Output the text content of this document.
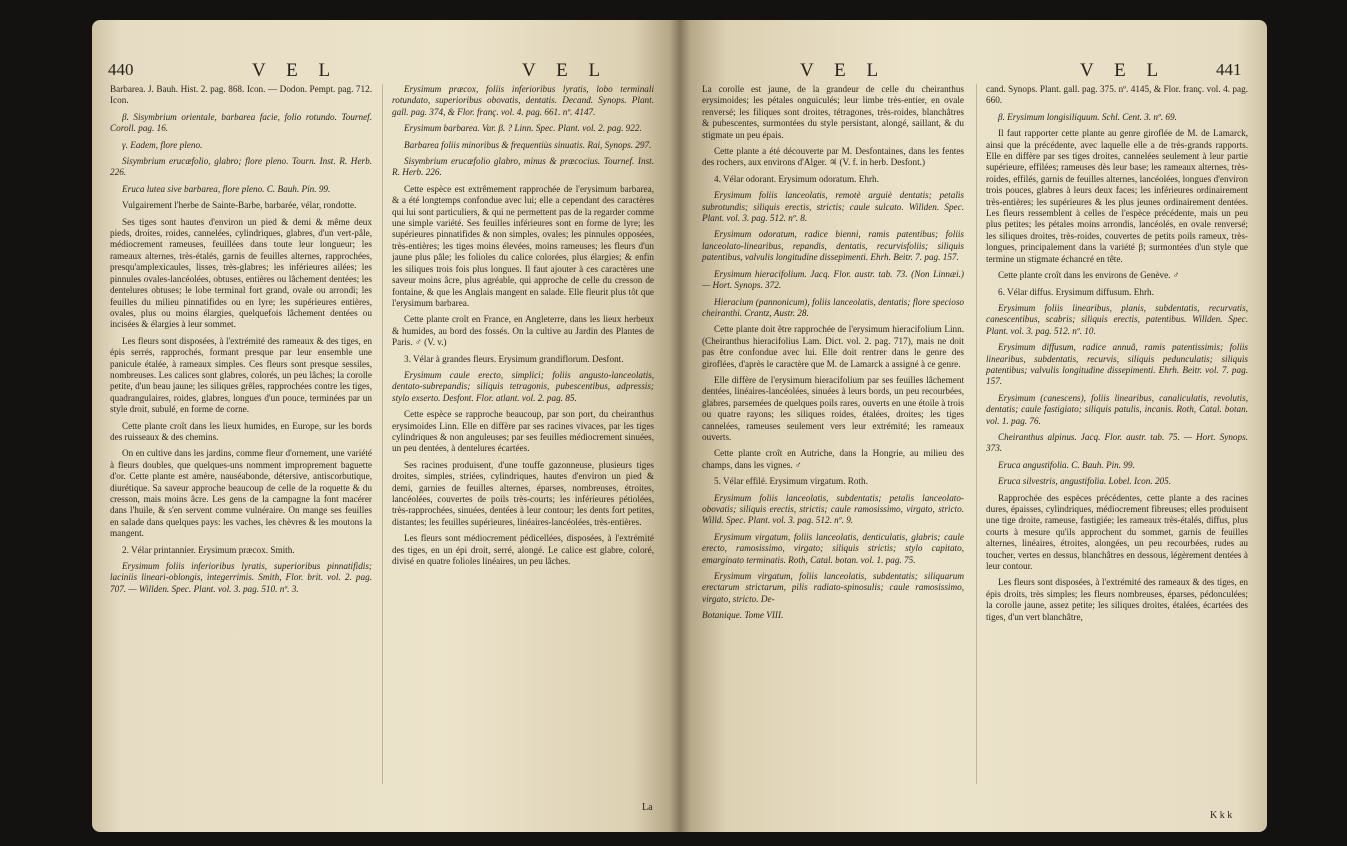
440	V E L	V E L

Barbarea. J. Bauh. Hist. 2. pag. 868. Icon. — Dodon. Pempt. pag. 712. Icon.

β. Sisymbrium orientale, barbarea facie, folio rotundo. Tournef. Coroll. pag. 16.

γ. Eadem, flore pleno.

Sisymbrium erucæfolio, glabro; flore pleno. Tourn. Inst. R. Herb. 226.

Eruca lutea sive barbarea, flore pleno. C. Bauh. Pin. 99.

Vulgairement l'herbe de Sainte-Barbe, barbarée, vélar, rondotte.

Ses tiges sont hautes d'environ un pied & demi & même deux pieds, droites, roides, cannelées, cylindriques, glabres, d'un vert-pâle, médiocrement rameuses, feuillées dans toute leur longueur; les rameaux alternes, très-étalés, garnis de feuilles alternes, rapprochées, presqu'amplexicaules, lisses, très-glabres; les inférieures ailées; les pinnules ovales-lancéolées, obtuses, entières ou lâchement dentées; les dentelures obtuses; le lobe terminal fort grand, ovale ou arrondi; les feuilles du milieu pinnatifides ou en lyre; les supérieures entières, ovales, plus ou moins élargies, quelquefois lâchement dentées ou incisées & élargies à leur sommet.

Les fleurs sont disposées, à l'extrémité des rameaux & des tiges, en épis serrés, rapprochés, formant presque par leur ensemble une panicule étalée, à rameaux simples. Ces fleurs sont presque sessiles, nombreuses. Les calices sont glabres, colorés, un peu lâches; la corolle petite, d'un beau jaune; les siliques grêles, rapprochées contre les tiges, quadrangulaires, roides, glabres, longues d'un pouce, terminées par un style droit, subulé, en forme de corne.

Cette plante croît dans les lieux humides, en Europe, sur les bords des ruisseaux & des chemins.

On en cultive dans les jardins, comme fleur d'ornement, une variété à fleurs doubles, que quelques-uns nomment improprement baguette d'or. Cette plante est amère, nauséabonde, détersive, antiscorbutique, diurétique. Sa saveur approche beaucoup de celle de la roquette & du cresson, mais moins âcre. Les gens de la campagne la font macérer dans l'huile, & s'en servent comme vulnéraire. On mange ses feuilles en salade dans quelques pays: les vaches, les chèvres & les moutons la mangent.

2. Vélar printannier. Erysimum præcox. Smith.

Erysimum foliis inferioribus lyratis, superioribus pinnatifidis; laciniis lineari-oblongis, integerrimis. Smith, Flor. brit. vol. 2. pag. 707. — Willden. Spec. Plant. vol. 3. pag. 510. nº. 3.

Erysimum præcox, foliis inferioribus lyratis, lobo terminali rotundato, superioribus obovatis, dentatis. Decand. Synops. Plant. gall. pag. 374, & Flor. franç. vol. 4. pag. 661. nº. 4147.

Erysimum barbarea. Var. β. ? Linn. Spec. Plant. vol. 2. pag. 922.

Barbarea foliis minoribus & frequentiùs sinuatis. Rai, Synops. 297.

Sisymbrium erucæfolio glabro, minus & præcocius. Tournef. Inst. R. Herb. 226.

Cette espèce est extrêmement rapprochée de l'erysimum barbarea, & a été longtemps confondue avec lui; elle a cependant des caractères qui lui sont particuliers, & qui ne permettent pas de la regarder comme une simple variété. Ses feuilles inférieures sont en forme de lyre; les supérieures pinnatifides & non simples, ovales; les pinnules opposées, très-entières; les tiges moins élevées, moins rameuses; les fleurs d'un jaune plus pâle; les folioles du calice colorées, plus élargies; & enfin les siliques trois fois plus longues. Il faut ajouter à ces caractères une saveur moins âcre, plus agréable, qui approche de celle du cresson de fontaine, & que les Anglais mangent en salade. Elle fleurit plus tôt que l'erysimum barbarea.

Cette plante croît en France, en Angleterre, dans les lieux herbeux & humides, au bord des fossés. On la cultive au Jardin des Plantes de Paris. ♂ (V. v.)

3. Vélar à grandes fleurs. Erysimum grandiflorum. Desfont.

Erysimum caule erecto, simplici; foliis angusto-lanceolatis, dentato-subrepandis; siliquis tetragonis, pubescentibus, adpressis; stylo exserto. Desfont. Flor. atlant. vol. 2. pag. 85.

Cette espèce se rapproche beaucoup, par son port, du cheiranthus erysimoides Linn. Elle en diffère par ses racines vivaces, par les tiges cylindriques & non anguleuses; par ses feuilles médiocrement sinuées, un peu dentées, à dentelures écartées.

Ses racines produisent, d'une touffe gazonneuse, plusieurs tiges droites, simples, striées, cylindriques, hautes d'environ un pied & demi, garnies de feuilles alternes, éparses, nombreuses, étroites, lancéolées, couvertes de poils très-courts; les inférieures pétiolées, très-rapprochées, sinuées, dentées à leur contour; les dents fort petites, distantes; les feuilles supérieures, linéaires-lancéolées, très-entières.

Les fleurs sont médiocrement pédicellées, disposées, à l'extrémité des tiges, en un épi droit, serré, alongé. Le calice est glabre, coloré, divisé en quatre folioles linéaires, un peu lâches.

La
V E L	V E L	441

La corolle est jaune, de la grandeur de celle du cheiranthus erysimoides; les pétales onguiculés; leur limbe très-entier, en ovale renversé; les filiques sont droites, tétragones, très-roides, blanchâtres & pubescentes, surmontées du style persistant, alongé, saillant, & du stigmate un peu épais.

Cette plante a été découverte par M. Desfontaines, dans les fentes des rochers, aux environs d'Alger. ♃ (V. f. in herb. Desfont.)

4. Vélar odorant. Erysimum odoratum. Ehrh.

Erysimum foliis lanceolatis, remotè arguiè dentatis; petalis subrotundis; siliquis erectis, strictis; caule sulcato. Willden. Spec. Plant. vol. 3. pag. 512. nº. 8.

Erysimum odoratum, radice bienni, ramis patentibus; foliis lanceolato-linearibus, repandis, dentatis, recurvisfoliis; siliquis patentibus, valvulis longitudine dissepimenti. Ehrh. Beitr. 7. pag. 157.

Erysimum hieracifolium. Jacq. Flor. austr. tab. 73. (Non Linnæi.) — Hort. Synops. 372.

Hieracium (pannonicum), foliis lanceolatis, dentatis; flore specioso cheiranthi. Crantz, Austr. 28.

Cette plante doit être rapprochée de l'erysimum hieracifolium Linn. (Cheiranthus hieracifolius Lam. Dict. vol. 2. pag. 717), mais ne doit pas être confondue avec lui. Elle doit rentrer dans le genre des giroflées, d'après le caractère que M. de Lamarck a assigné à ce genre.

Elle diffère de l'erysimum hieracifolium par ses feuilles lâchement dentées, linéaires-lancéolées, sinuées à leurs bords, un peu recourbées, glabres, parsemées de quelques poils rares, ouverts en une étoile à trois ou quatre rayons; les siliques roides, étalées, droites; les tiges cannelées, rameuses seulement vers leur extrémité; les rameaux ouverts.

Cette plante croît en Autriche, dans la Hongrie, au milieu des champs, dans les vignes. ♂

5. Vélar effilé. Erysimum virgatum. Roth.

Erysimum foliis lanceolatis, subdentatis; petalis lanceolato-obovatis; siliquis erectis, strictis; caule ramosissimo, virgato, stricto. Willd. Spec. Plant. vol. 3. pag. 512. nº. 9.

Erysimum virgatum, foliis lanceolatis, denticulatis, glabris; caule erecto, ramosissimo, virgato; siliquis strictis; stylo capitato, emarginato terminatis. Roth, Catal. botan. vol. 1. pag. 75.

Erysimum virgatum, foliis lanceolatis, subdentatis; siliquarum erectarum strictarum, pilis radiato-spinosulis; caule ramosissimo, virgato, stricto. De-

Botanique. Tome VIII.

cand. Synops. Plant. gall. pag. 375. nº. 4145, & Flor. franç. vol. 4. pag. 660.

β. Erysimum longisiliquum. Schl. Cent. 3. nº. 69.

Il faut rapporter cette plante au genre giroflée de M. de Lamarck, ainsi que la précédente, avec laquelle elle a de très-grands rapports. Elle en diffère par ses tiges droites, cannelées seulement à leur partie supérieure, effilées; rameuses dès leur base; les rameaux alternes, très-roides, effilés, garnis de feuilles alternes, lancéolées, longues d'environ trois pouces, glabres à leurs deux faces; les inférieures ordinairement très-entières; les supérieures & les plus jeunes ordinairement dentées. Les fleurs ressemblent à celles de l'espèce précédente, mais un peu plus petites; les pétales moins arrondis, lancéolés, en ovale renversé; les siliques droites, très-roides, couvertes de petits poils rameux, très-longues, principalement dans la variété β; surmontées d'un style que termine un stigmate échancré en tête.

Cette plante croît dans les environs de Genève. ♂

6. Vélar diffus. Erysimum diffusum. Ehrh.

Erysimum foliis linearibus, planis, subdentatis, recurvatis, canescentibus, scabris; siliquis erectis, patentibus. Willden. Spec. Plant. vol. 3. pag. 512. nº. 10.

Erysimum diffusum, radice annuâ, ramis patentissimis; foliis linearibus, subdentatis, recurvis, siliquis pedunculatis; siliquis patentibus; valvulis longitudine dissepimenti. Ehrh. Beitr. vol. 7. pag. 157.

Erysimum (canescens), foliis linearibus, canaliculatis, revolutis, dentatis; caule fastigiato; siliquis patulis, incanis. Roth, Catal. botan. vol. 1. pag. 76.

Cheiranthus alpinus. Jacq. Flor. austr. tab. 75. — Hort. Synops. 373.

Eruca angustifolia. C. Bauh. Pin. 99.

Eruca silvestris, angustifolia. Lobel. Icon. 205.

Rapprochée des espèces précédentes, cette plante a des racines dures, épaisses, cylindriques, médiocrement fibreuses; elles produisent une tige droite, rameuse, fastigiée; les rameaux très-étalés, diffus, plus courts à mesure qu'ils approchent du sommet, garnis de feuilles alternes, linéaires, étroites, alongées, un peu recourbées, rudes au toucher, vertes en dessus, blanchâtres en dessous, légèrement dentées à leur contour.

Les fleurs sont disposées, à l'extrémité des rameaux & des tiges, en épis droits, très simples; les fleurs nombreuses, éparses, pédonculées; la corolle jaune, assez petite; les siliques droites, étalées, écartées des tiges, d'un vert blanchâtre,

K k k
